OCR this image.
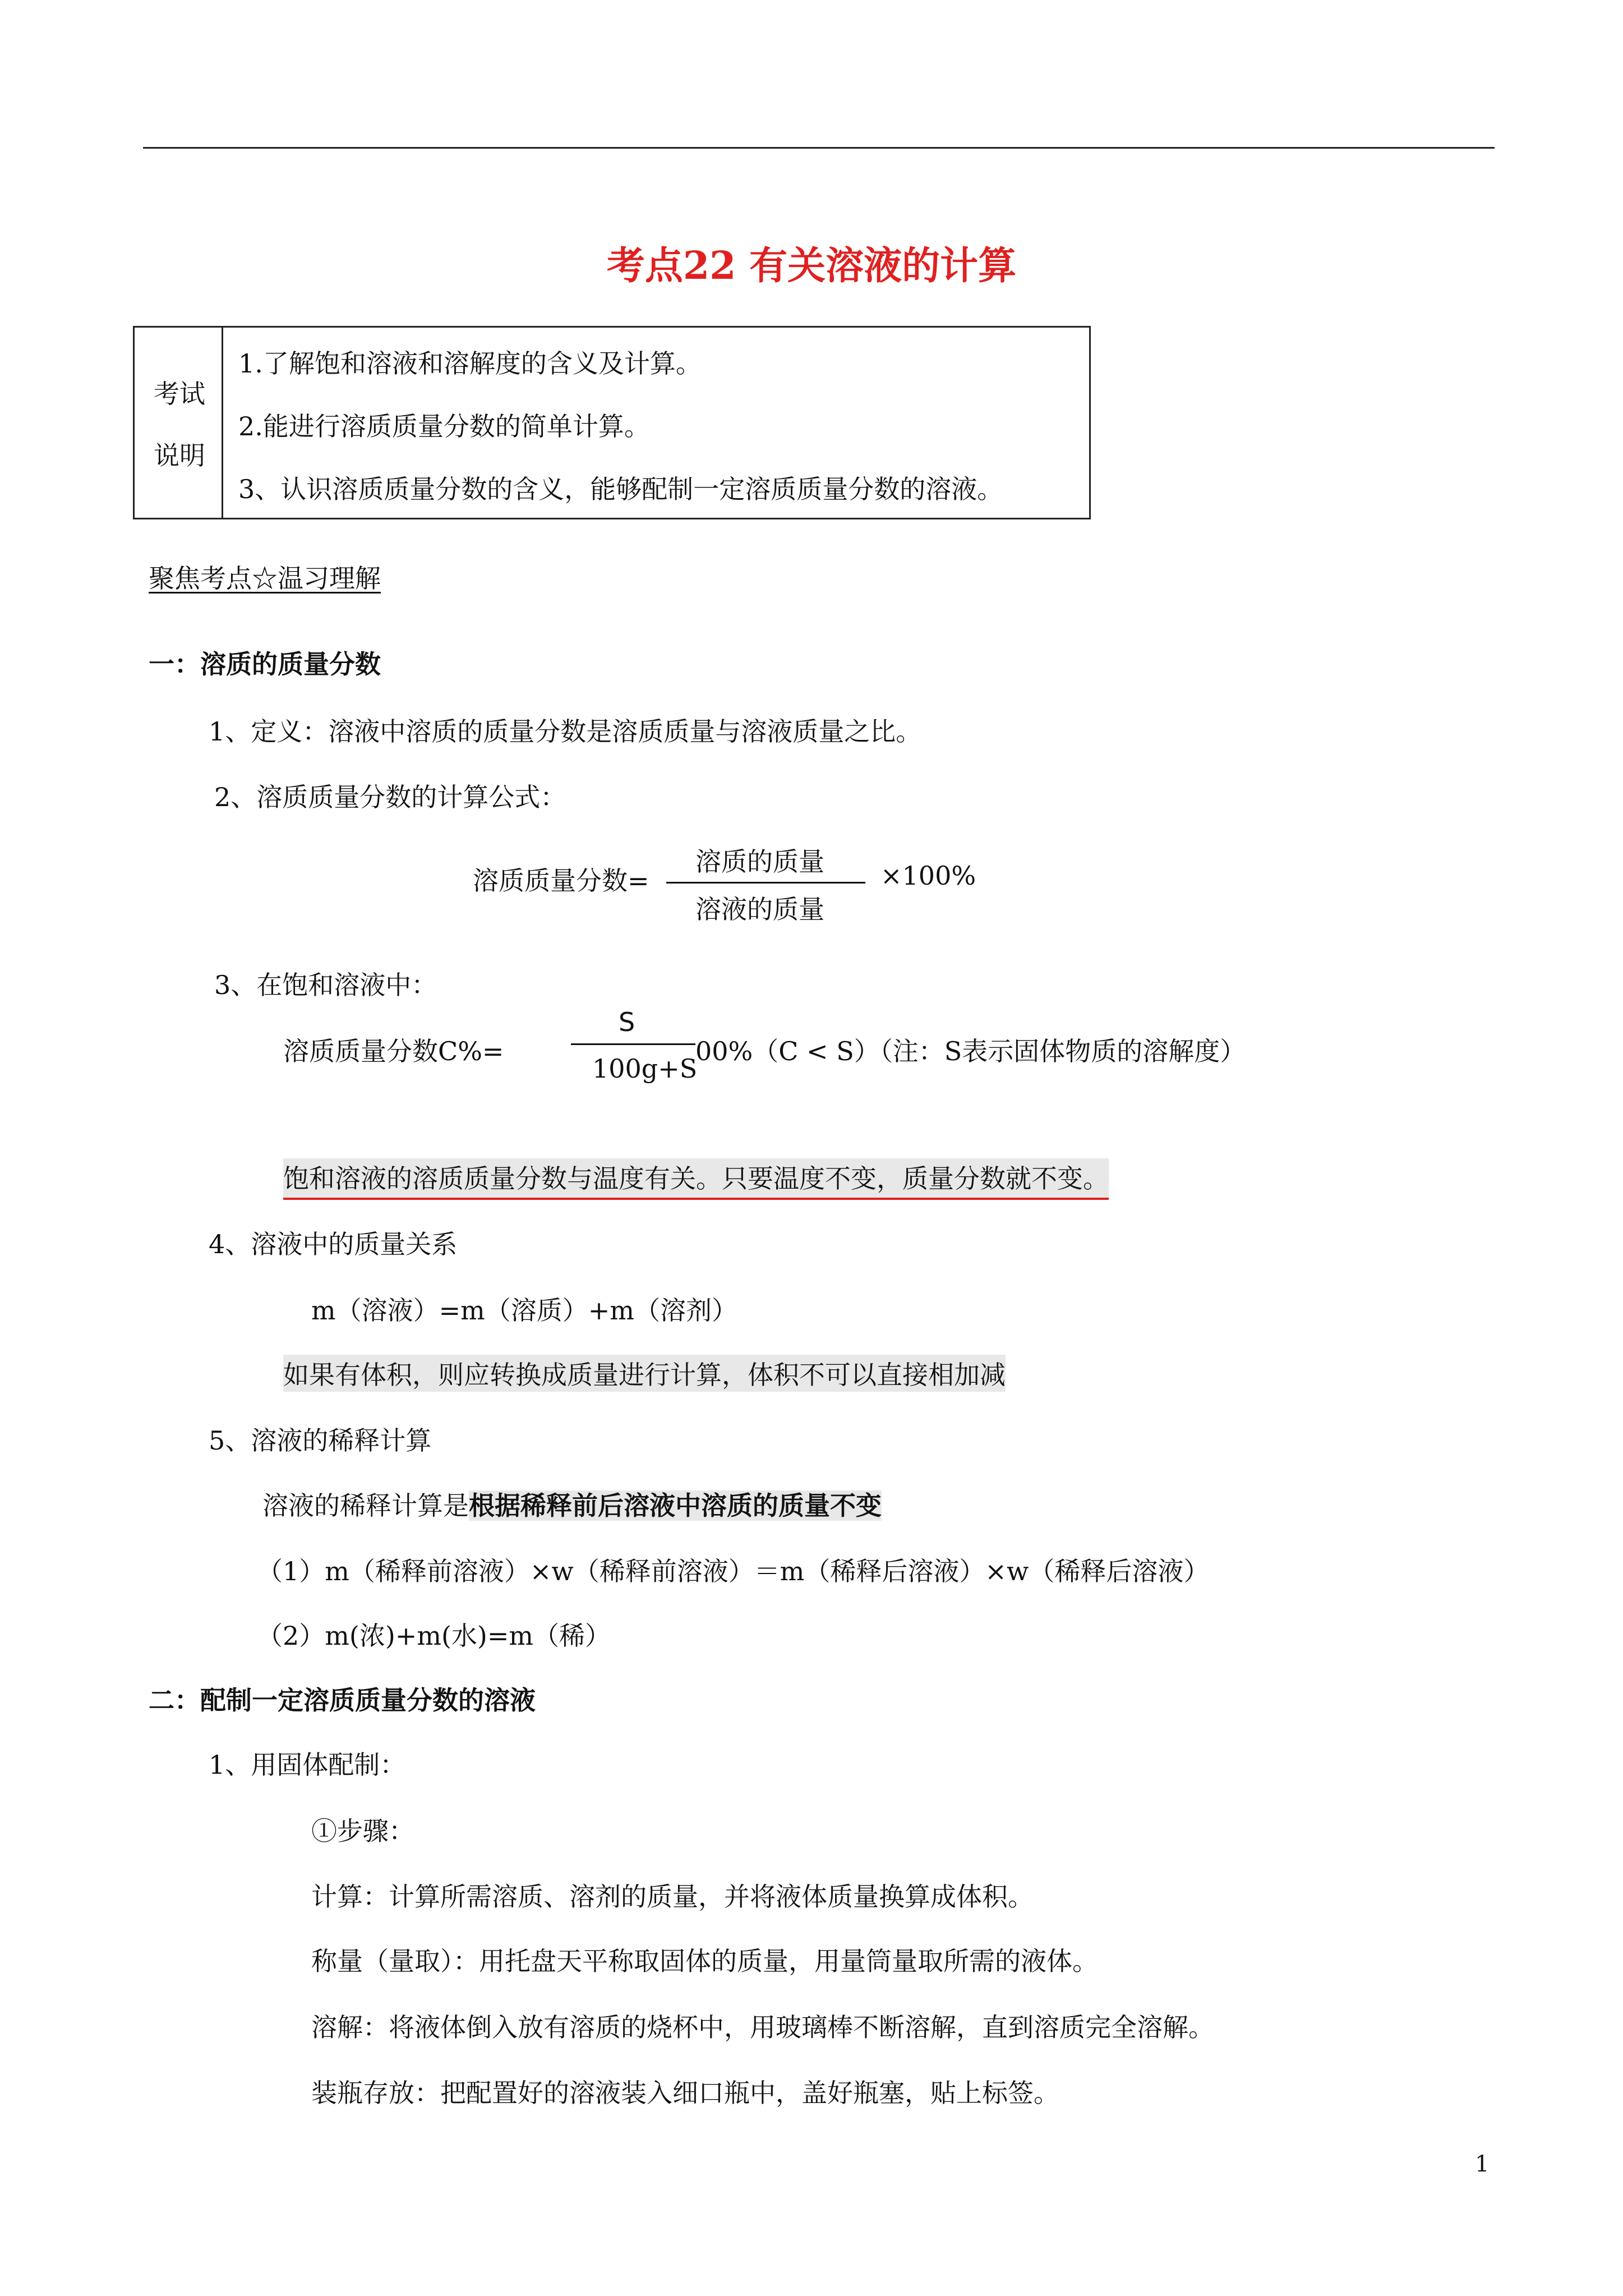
考点22 有关溶液的计算
考试
说明
1.了解饱和溶液和溶解度的含义及计算。
2.能进行溶质质量分数的简单计算。
3、认识溶质质量分数的含义，能够配制一定溶质质量分数的溶液。
聚焦考点☆温习理解
一：溶质的质量分数
1、定义：溶液中溶质的质量分数是溶质质量与溶液质量之比。
2、溶质质量分数的计算公式：
溶质质量分数=
溶质的质量
溶液的质量
×100%
3、在饱和溶液中：
溶质质量分数C%=
S
100g+S
00%（C < S）（注：S表示固体物质的溶解度）
饱和溶液的溶质质量分数与温度有关。只要温度不变，质量分数就不变。
4、溶液中的质量关系
m（溶液）=m（溶质）+m（溶剂）
如果有体积，则应转换成质量进行计算，体积不可以直接相加减
5、溶液的稀释计算
溶液的稀释计算是根据稀释前后溶液中溶质的质量不变
（1）m（稀释前溶液）×w（稀释前溶液）＝m（稀释后溶液）×w（稀释后溶液）
（2）m(浓)+m(水)=m（稀）
二：配制一定溶质质量分数的溶液
1、用固体配制：
①步骤：
计算：计算所需溶质、溶剂的质量，并将液体质量换算成体积。
称量（量取）：用托盘天平称取固体的质量，用量筒量取所需的液体。
溶解：将液体倒入放有溶质的烧杯中，用玻璃棒不断溶解，直到溶质完全溶解。
装瓶存放：把配置好的溶液装入细口瓶中，盖好瓶塞，贴上标签。
1
